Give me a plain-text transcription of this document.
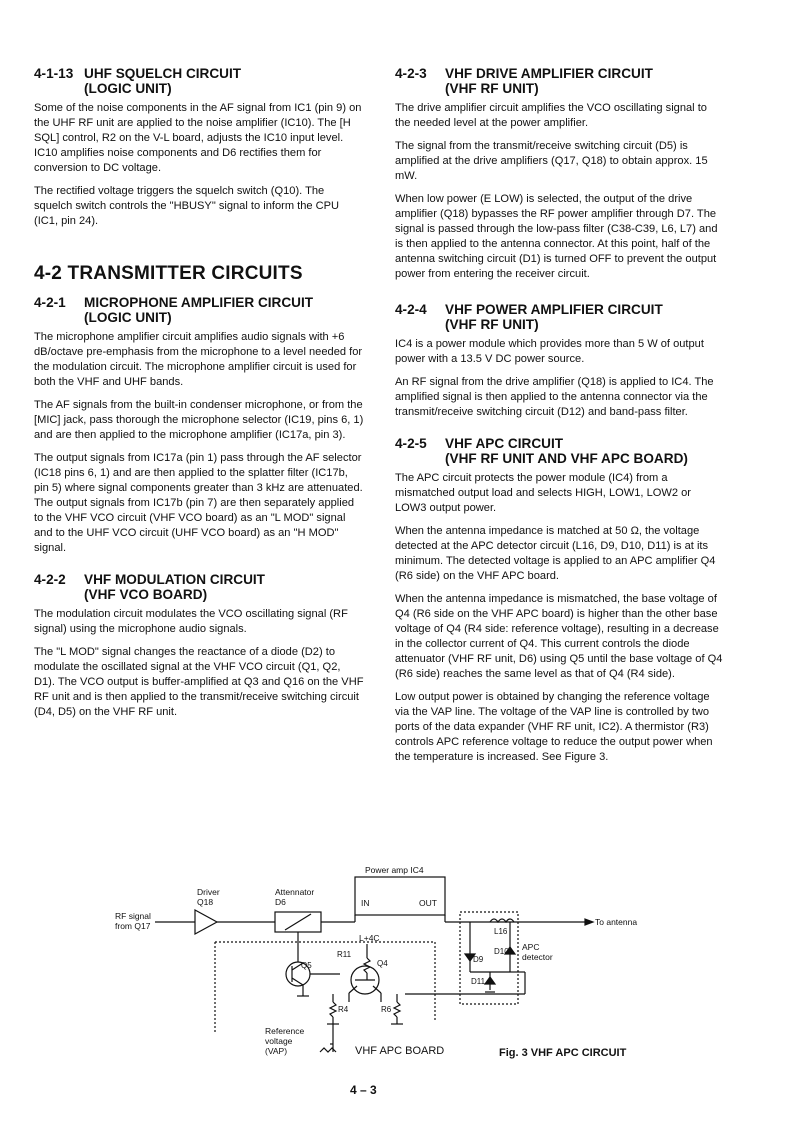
4-1-13 UHF SQUELCH CIRCUIT
(LOGIC UNIT)

Some of the noise components in the AF signal from IC1 (pin 9) on the UHF RF unit are applied to the noise amplifier (IC10). The [H SQL] control, R2 on the V-L board, adjusts the IC10 input level. IC10 amplifies noise components and D6 rectifies them for conversion to DC voltage.

The rectified voltage triggers the squelch switch (Q10). The squelch switch controls the "HBUSY" signal to inform the CPU (IC1, pin 24).

4-2 TRANSMITTER CIRCUITS
4-2-1 MICROPHONE AMPLIFIER CIRCUIT
(LOGIC UNIT)

The microphone amplifier circuit amplifies audio signals with +6 dB/octave pre-emphasis from the microphone to a level needed for the modulation circuit. The microphone amplifier circuit is used for both the VHF and UHF bands.

The AF signals from the built-in condenser microphone, or from the [MIC] jack, pass thorough the microphone selector (IC19, pins 6, 1) and are then applied to the microphone amplifier (IC17a, pin 3).

The output signals from IC17a (pin 1) pass through the AF selector (IC18 pins 6, 1) and are then applied to the splatter filter (IC17b, pin 5) where signal components greater than 3 kHz are attenuated. The output signals from IC17b (pin 7) are then separately applied to the VHF VCO circuit (VHF VCO board) as an "L MOD" signal and to the UHF VCO circuit (UHF VCO board) as an "H MOD" signal.

4-2-2 VHF MODULATION CIRCUIT
(VHF VCO BOARD)

The modulation circuit modulates the VCO oscillating signal (RF signal) using the microphone audio signals.

The "L MOD" signal changes the reactance of a diode (D2) to modulate the oscillated signal at the VHF VCO circuit (Q1, Q2, D1). The VCO output is buffer-amplified at Q3 and Q16 on the VHF RF unit and is then applied to the transmit/receive switching circuit (D4, D5) on the VHF RF unit.

4-2-3 VHF DRIVE AMPLIFIER CIRCUIT
(VHF RF UNIT)

The drive amplifier circuit amplifies the VCO oscillating signal to the needed level at the power amplifier.

The signal from the transmit/receive switching circuit (D5) is amplified at the drive amplifiers (Q17, Q18) to obtain approx. 15 mW.

When low power (E LOW) is selected, the output of the drive amplifier (Q18) bypasses the RF power amplifier through D7. The signal is passed through the low-pass filter (C38-C39, L6, L7) and is then applied to the antenna connector. At this point, half of the antenna switching circuit (D1) is turned OFF to prevent the output power from entering the receiver circuit.

4-2-4 VHF POWER AMPLIFIER CIRCUIT
(VHF RF UNIT)

IC4 is a power module which provides more than 5 W of output power with a 13.5 V DC power source.

An RF signal from the drive amplifier (Q18) is applied to IC4. The amplified signal is then applied to the antenna connector via the transmit/receive switching circuit (D12) and band-pass filter.

4-2-5 VHF APC CIRCUIT
(VHF RF UNIT AND VHF APC BOARD)

The APC circuit protects the power module (IC4) from a mismatched output load and selects HIGH, LOW1, LOW2 or LOW3 output power.

When the antenna impedance is matched at 50 Ω, the voltage detected at the APC detector circuit (L16, D9, D10, D11) is at its minimum. The detected voltage is applied to an APC amplifier Q4 (R6 side) on the VHF APC board.

When the antenna impedance is mismatched, the base voltage of Q4 (R6 side on the VHF APC board) is higher than the other base voltage of Q4 (R4 side: reference voltage), resulting in a decrease in the collector current of Q4. This current controls the diode attenuator (VHF RF unit, D6) using Q5 until the base voltage of Q4 (R6 side) reaches the same level as that of Q4 (R4 side).

Low output power is obtained by changing the reference voltage via the VAP line. The voltage of the VAP line is controlled by two ports of the data expander (VHF RF unit, IC2). A thermistor (R3) controls APC reference voltage to reduce the output power when the temperature is increased. See Figure 3.

Power amp IC4
IN	OUT
Driver
Q18
Attennator
D6
RF signal
from Q17	To antenna
L16
APC
detector
D9
D10
D11
L+4C
R11
Q4
Q5
R4	R6
Reference
voltage
(VAP)	VHF APC BOARD	Fig. 3 VHF APC CIRCUIT
4 – 3
